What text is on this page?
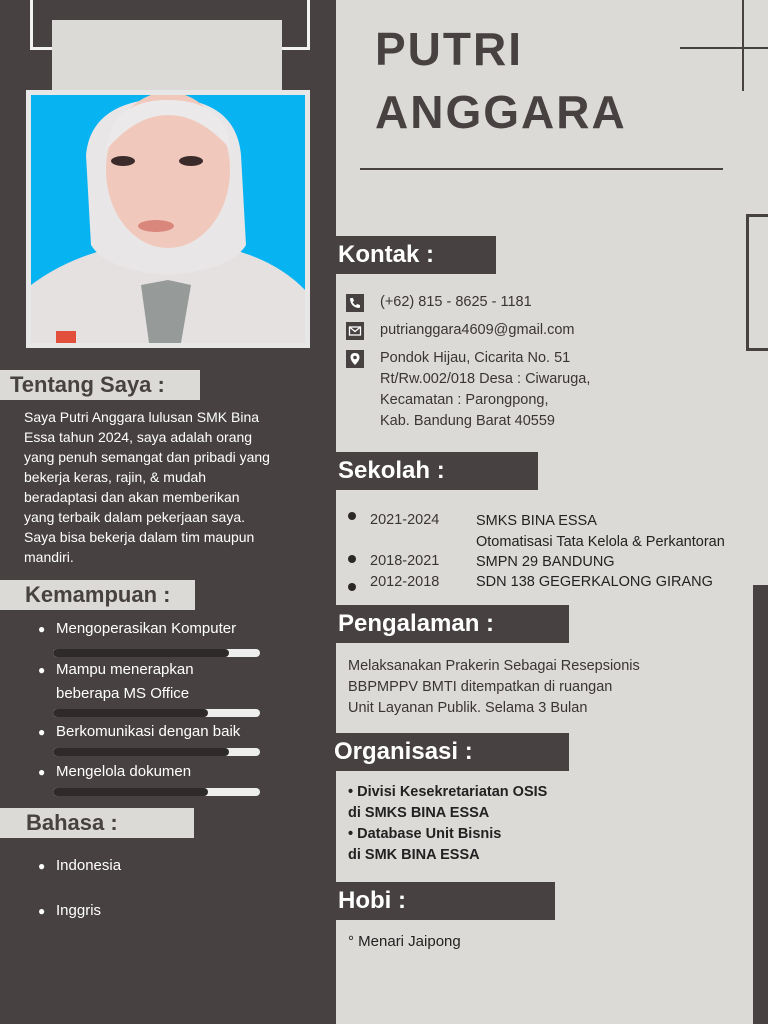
PUTRI
ANGGARA
Tentang Saya :
Saya Putri Anggara lulusan SMK Bina
Essa tahun 2024, saya adalah orang
yang penuh semangat dan pribadi yang
bekerja keras, rajin, & mudah
beradaptasi dan akan memberikan
yang terbaik dalam pekerjaan saya.
Saya bisa bekerja dalam tim maupun
mandiri.
Kemampuan :
● Mengoperasikan Komputer
● Mampu menerapkan
beberapa MS Office
● Berkomunikasi dengan baik
● Mengelola dokumen
Bahasa :
● Indonesia
● Inggris
Kontak :
(+62) 815 - 8625 - 1181
putrianggara4609@gmail.com
Pondok Hijau, Cicarita No. 51
Rt/Rw.002/018 Desa : Ciwaruga,
Kecamatan : Parongpong,
Kab. Bandung Barat 40559
Sekolah :
2021-2024	SMKS BINA ESSA
Otomatisasi Tata Kelola & Perkantoran
2018-2021	SMPN 29 BANDUNG
2012-2018	SDN 138 GEGERKALONG GIRANG
Pengalaman :
Melaksanakan Prakerin Sebagai Resepsionis
BBPMPPV BMTI ditempatkan di ruangan
Unit Layanan Publik. Selama 3 Bulan
Organisasi :
• Divisi Kesekretariatan OSIS
di SMKS BINA ESSA
• Database Unit Bisnis
di SMK BINA ESSA
Hobi :
° Menari Jaipong
